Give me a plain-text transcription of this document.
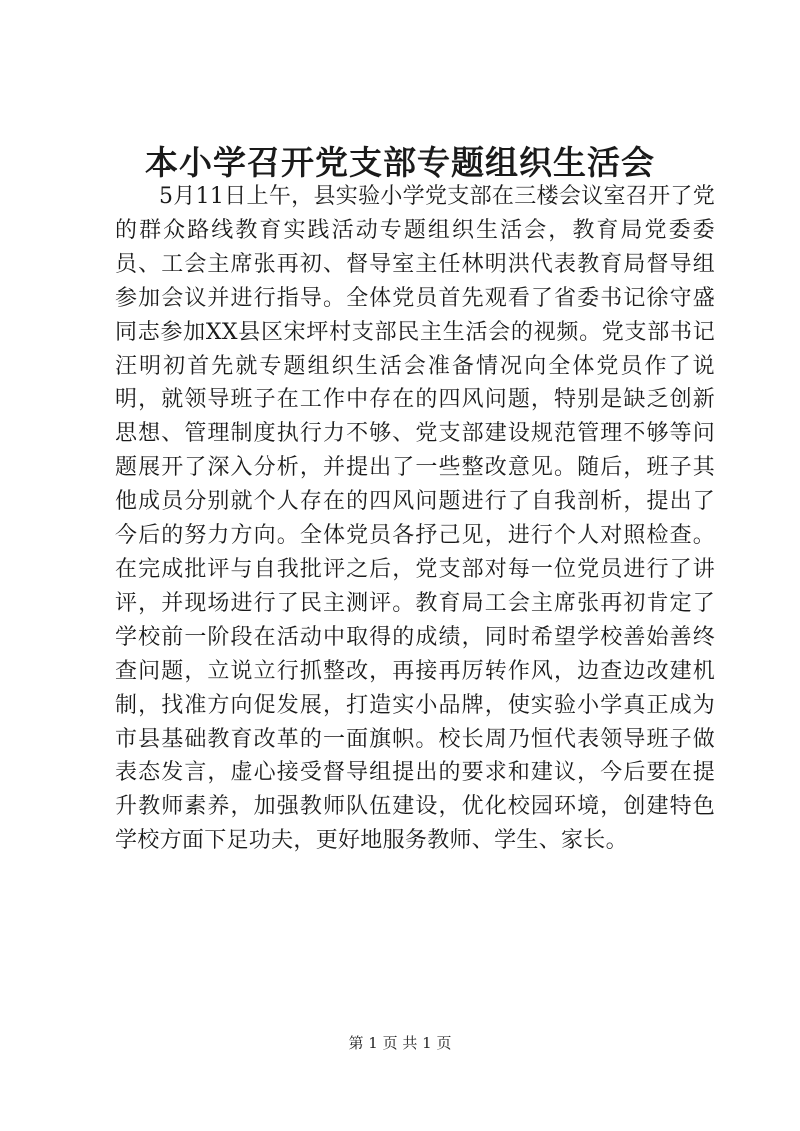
本小学召开党支部专题组织生活会

5月11日上午，县实验小学党支部在三楼会议室召开了党的群众路线教育实践活动专题组织生活会，教育局党委委员、工会主席张再初、督导室主任林明洪代表教育局督导组参加会议并进行指导。全体党员首先观看了省委书记徐守盛同志参加XX县区宋坪村支部民主生活会的视频。党支部书记汪明初首先就专题组织生活会准备情况向全体党员作了说明，就领导班子在工作中存在的四风问题，特别是缺乏创新思想、管理制度执行力不够、党支部建设规范管理不够等问题展开了深入分析，并提出了一些整改意见。随后，班子其他成员分别就个人存在的四风问题进行了自我剖析，提出了今后的努力方向。全体党员各抒己见，进行个人对照检查。在完成批评与自我批评之后，党支部对每一位党员进行了讲评，并现场进行了民主测评。教育局工会主席张再初肯定了学校前一阶段在活动中取得的成绩，同时希望学校善始善终查问题，立说立行抓整改，再接再厉转作风，边查边改建机制，找准方向促发展，打造实小品牌，使实验小学真正成为市县基础教育改革的一面旗帜。校长周乃恒代表领导班子做表态发言，虚心接受督导组提出的要求和建议，今后要在提升教师素养，加强教师队伍建设，优化校园环境，创建特色学校方面下足功夫，更好地服务教师、学生、家长。

第 1 页 共 1 页
